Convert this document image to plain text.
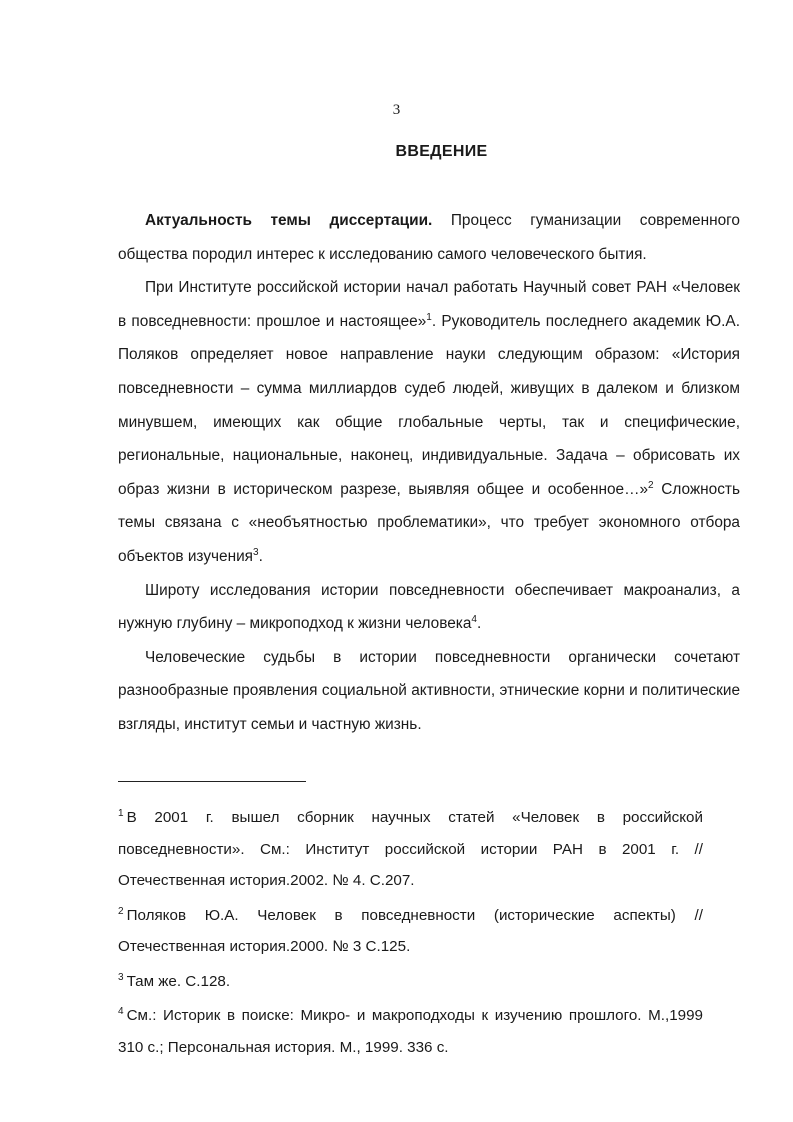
3
ВВЕДЕНИЕ

Актуальность темы диссертации. Процесс гуманизации современного общества породил интерес к исследованию самого человеческого бытия.

При Институте российской истории начал работать Научный совет РАН «Человек в повседневности: прошлое и настоящее»$^1$. Руководитель последнего академик Ю.А. Поляков определяет новое направление науки следующим образом: «История повседневности – сумма миллиардов судеб людей, живущих в далеком и близком минувшем, имеющих как общие глобальные черты, так и специфические, региональные, национальные, наконец, индивидуальные. Задача – обрисовать их образ жизни в историческом разрезе, выявляя общее и особенное…»$^2$ Сложность темы связана с «необъятностью проблематики», что требует экономного отбора объектов изучения$^3$.

Широту исследования истории повседневности обеспечивает макроанализ, а нужную глубину – микроподход к жизни человека$^4$.

Человеческие судьбы в истории повседневности органически сочетают разнообразные проявления социальной активности, этнические корни и политические взгляды, институт семьи и частную жизнь.

$^1$ В 2001 г. вышел сборник научных статей «Человек в российской повседневности». См.: Институт российской истории РАН в 2001 г. // Отечественная история.2002. № 4. С.207.

$^2$ Поляков Ю.А. Человек в повседневности (исторические аспекты) // Отечественная история.2000. № 3 С.125.

$^3$ Там же. С.128.

$^4$ См.: Историк в поиске: Микро- и макроподходы к изучению прошлого. М.,1999 310 с.; Персональная история. М., 1999. 336 с.
